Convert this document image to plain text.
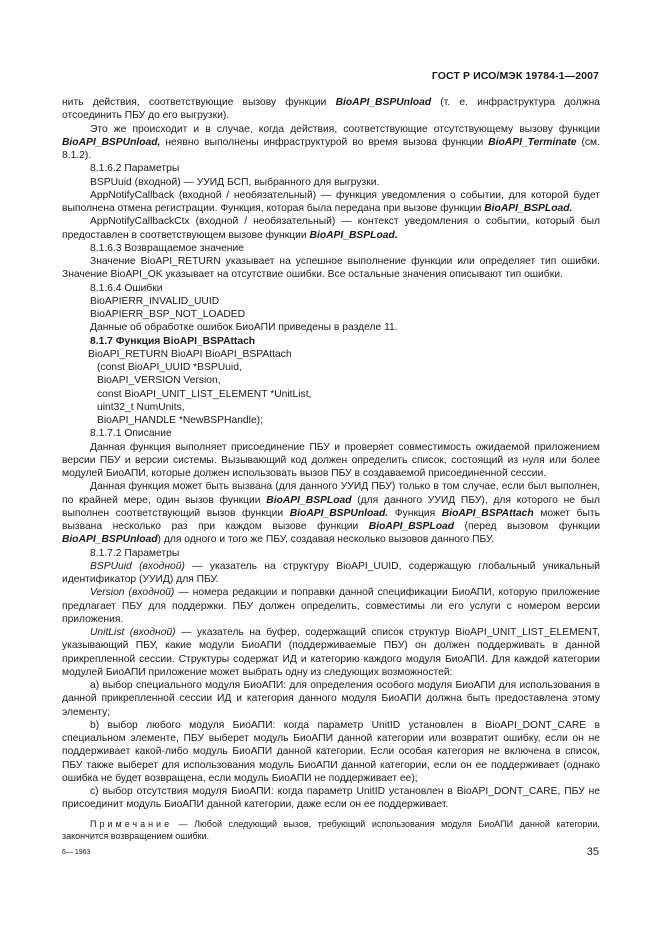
ГОСТ Р ИСО/МЭК 19784-1—2007

нить действия, соответствующие вызову функции BioAPI_BSPUnload (т. е. инфраструктура должна отсоединить ПБУ до его выгрузки).

Это же происходит и в случае, когда действия, соответствующие отсутствующему вызову функции BioAPI_BSPUnload, неявно выполнены инфраструктурой во время вызова функции BioAPI_Terminate (см. 8.1.2).

8.1.6.2 Параметры

BSPUuid (входной) — УУИД БСП, выбранного для выгрузки.

AppNotifyCallback (входной / необязательный) — функция уведомления о событии, для которой будет выполнена отмена регистрации. Функция, которая была передана при вызове функции BioAPI_BSPLoad.

AppNotifyCallbackCtx (входной / необязательный) — контекст уведомления о событии, который был предоставлен в соответствующем вызове функции BioAPI_BSPLoad.

8.1.6.3 Возвращаемое значение

Значение BioAPI_RETURN указывает на успешное выполнение функции или определяет тип ошибки. Значение BioAPI_OK указывает на отсутствие ошибки. Все остальные значения описывают тип ошибки.

8.1.6.4 Ошибки

BioAPIERR_INVALID_UUID

BioAPIERR_BSP_NOT_LOADED

Данные об обработке ошибок БиоАПИ приведены в разделе 11.

8.1.7 Функция BioAPI_BSPAttach

BioAPI_RETURN BioAPI BioAPI_BSPAttach

(const BioAPI_UUID *BSPUuid,

BioAPI_VERSION Version,

const BioAPI_UNIT_LIST_ELEMENT *UnitList,

uint32_t NumUnits,

BioAPI_HANDLE *NewBSPHandle);

8.1.7.1 Описание

Данная функция выполняет присоединение ПБУ и проверяет совместимость ожидаемой приложением версии ПБУ и версии системы. Вызывающий код должен определить список, состоящий из нуля или более модулей БиоАПИ, которые должен использовать вызов ПБУ в создаваемой присоединенной сессии.

Данная функция может быть вызвана (для данного УУИД ПБУ) только в том случае, если был выполнен, по крайней мере, один вызов функции BioAPI_BSPLoad (для данного УУИД ПБУ), для которого не был выполнен соответствующий вызов функции BioAPI_BSPUnload. Функция BioAPI_BSPAttach может быть вызвана несколько раз при каждом вызове функции BioAPI_BSPLoad (перед вызовом функции BioAPI_BSPUnload) для одного и того же ПБУ, создавая несколько вызовов данного ПБУ.

8.1.7.2 Параметры

BSPUuid (входной) — указатель на структуру BioAPI_UUID, содержащую глобальный уникальный идентификатор (УУИД) для ПБУ.

Version (входной) — номера редакции и поправки данной спецификации БиоАПИ, которую приложение предлагает ПБУ для поддержки. ПБУ должен определить, совместимы ли его услуги с номером версии приложения.

UnitList (входной) — указатель на буфер, содержащий список структур BioAPI_UNIT_LIST_ELEMENT, указывающий ПБУ, какие модули БиоАПИ (поддерживаемые ПБУ) он должен поддерживать в данной прикрепленной сессии. Структуры содержат ИД и категорию каждого модуля БиоАПИ. Для каждой категории модулей БиоАПИ приложение может выбрать одну из следующих возможностей:

а) выбор специального модуля БиоАПИ: для определения особого модуля БиоАПИ для использования в данной прикрепленной сессии ИД и категория данного модуля БиоАПИ должна быть предоставлена этому элементу;

b) выбор любого модуля БиоАПИ: когда параметр UnitID установлен в BioAPI_DONT_CARE в специальном элементе, ПБУ выберет модуль БиоАПИ данной категории или возвратит ошибку, если он не поддерживает какой-либо модуль БиоАПИ данной категории. Если особая категория не включена в список, ПБУ также выберет для использования модуль БиоАПИ данной категории, если он ее поддерживает (однако ошибка не будет возвращена, если модуль БиоАПИ не поддерживает ее);

c) выбор отсутствия модуля БиоАПИ: когда параметр UnitID установлен в BioAPI_DONT_CARE, ПБУ не присоединит модуль БиоАПИ данной категории, даже если он ее поддерживает.

Примечание — Любой следующий вызов, требующий использования модуля БиоАПИ данной категории, закончится возвращением ошибки.

6— 1963	35
